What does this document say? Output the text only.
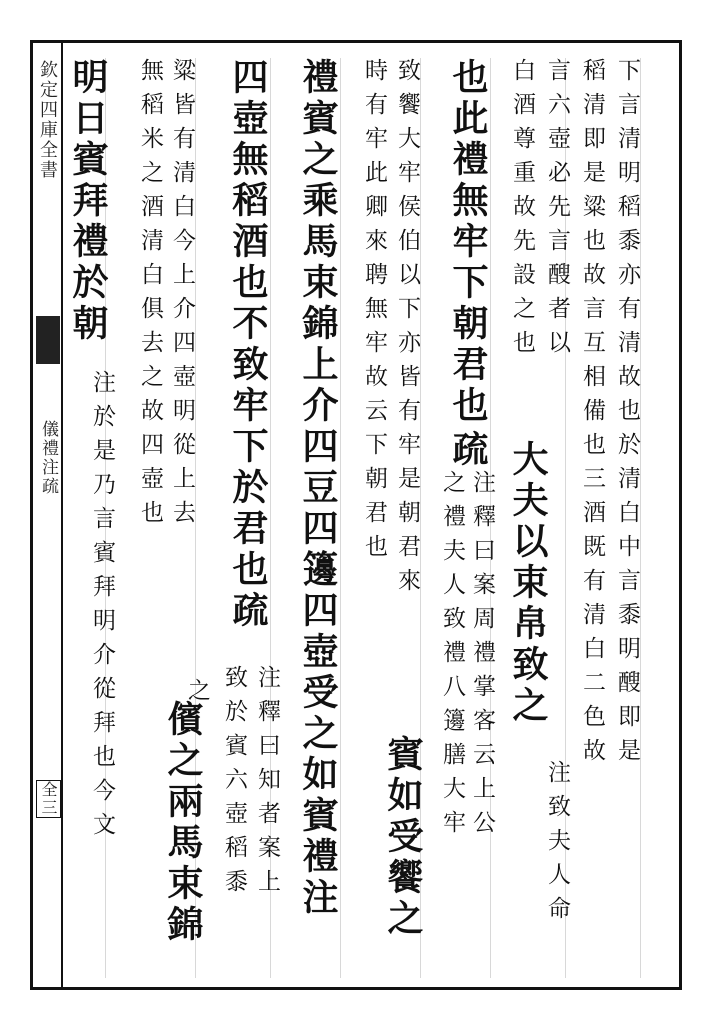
欽定四庫全書
儀禮注疏
全三
下言清明稻黍亦有清故也於清白中言黍明醙即是
稻清即是粱也故言互相備也三酒既有清白二色故
言六壺必先言醙者以
白酒尊重故先設之也
大夫以束帛致之
注致夫人命
也此禮無牢下朝君也
疏
注釋曰案周禮掌客云上公
之禮夫人致禮八籩膳大牢
致饗大牢侯伯以下亦皆有牢是朝君來
時有牢此卿來聘無牢故云下朝君也
賓如受饗之
禮賓之乘馬束錦上介四豆四籩四壺受之如賓禮注
四壺無稻酒也不致牢下於君也疏
注釋曰知者案上
致於賓六壺稻黍
粱皆有清白今上介四壺明從上去
無稻米之酒清白俱去之故四壺也
之
儐之兩馬束錦
明日賓拜禮於朝
注於是乃言賓拜明介從拜也今文
